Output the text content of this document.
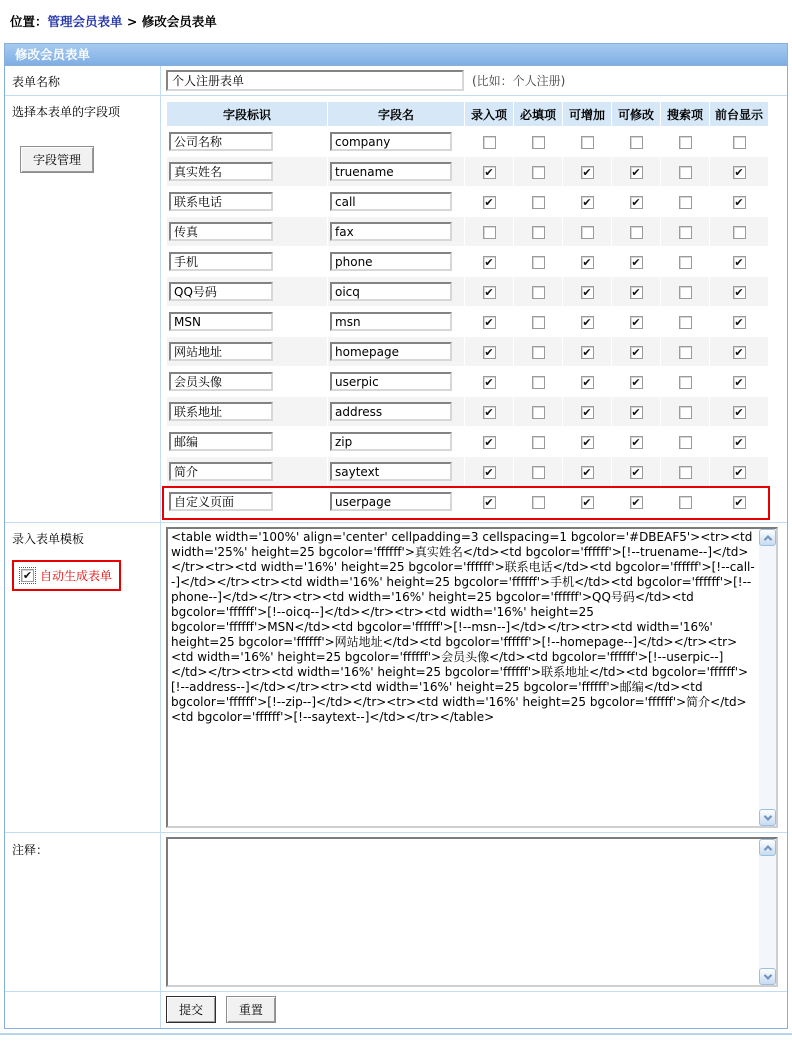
位置：管理会员表单 > 修改会员表单
修改会员表单
表单名称
个人注册表单	(比如：个人注册)
选择本表单的字段项
字段管理
字段标识	字段名	录入项	必填项	可增加	可修改	搜索项	前台显示
公司名称	company						
真实姓名	truename	✔		✔	✔		✔
联系电话	call	✔		✔	✔		✔
传真	fax						
手机	phone	✔		✔	✔		✔
QQ号码	oicq	✔		✔	✔		✔
MSN	msn	✔		✔	✔		✔
网站地址	homepage	✔		✔	✔		✔
会员头像	userpic	✔		✔	✔		✔
联系地址	address	✔		✔	✔		✔
邮编	zip	✔		✔	✔		✔
简介	saytext	✔		✔	✔		✔
自定义页面	userpage	✔		✔	✔		✔
录入表单模板
✔ 自动生成表单
<table width='100%' align='center' cellpadding=3 cellspacing=1 bgcolor='#DBEAF5'><tr><td width='25%' height=25 bgcolor='ffffff'>真实姓名</td><td bgcolor='ffffff'>[!--truename--]</td></tr><tr><td width='16%' height=25 bgcolor='ffffff'>联系电话</td><td bgcolor='ffffff'>[!--call--]</td></tr><tr><td width='16%' height=25 bgcolor='ffffff'>手机</td><td bgcolor='ffffff'>[!--phone--]</td></tr><tr><td width='16%' height=25 bgcolor='ffffff'>QQ号码</td><td bgcolor='ffffff'>[!--oicq--]</td></tr><tr><td width='16%' height=25 bgcolor='ffffff'>MSN</td><td bgcolor='ffffff'>[!--msn--]</td></tr><tr><td width='16%' height=25 bgcolor='ffffff'>网站地址</td><td bgcolor='ffffff'>[!--homepage--]</td></tr><tr><td width='16%' height=25 bgcolor='ffffff'>会员头像</td><td bgcolor='ffffff'>[!--userpic--]</td></tr><tr><td width='16%' height=25 bgcolor='ffffff'>联系地址</td><td bgcolor='ffffff'>[!--address--]</td></tr><tr><td width='16%' height=25 bgcolor='ffffff'>邮编</td><td bgcolor='ffffff'>[!--zip--]</td></tr><tr><td width='16%' height=25 bgcolor='ffffff'>简介</td><td bgcolor='ffffff'>[!--saytext--]</td></tr></table>
注释：
提交	重置
